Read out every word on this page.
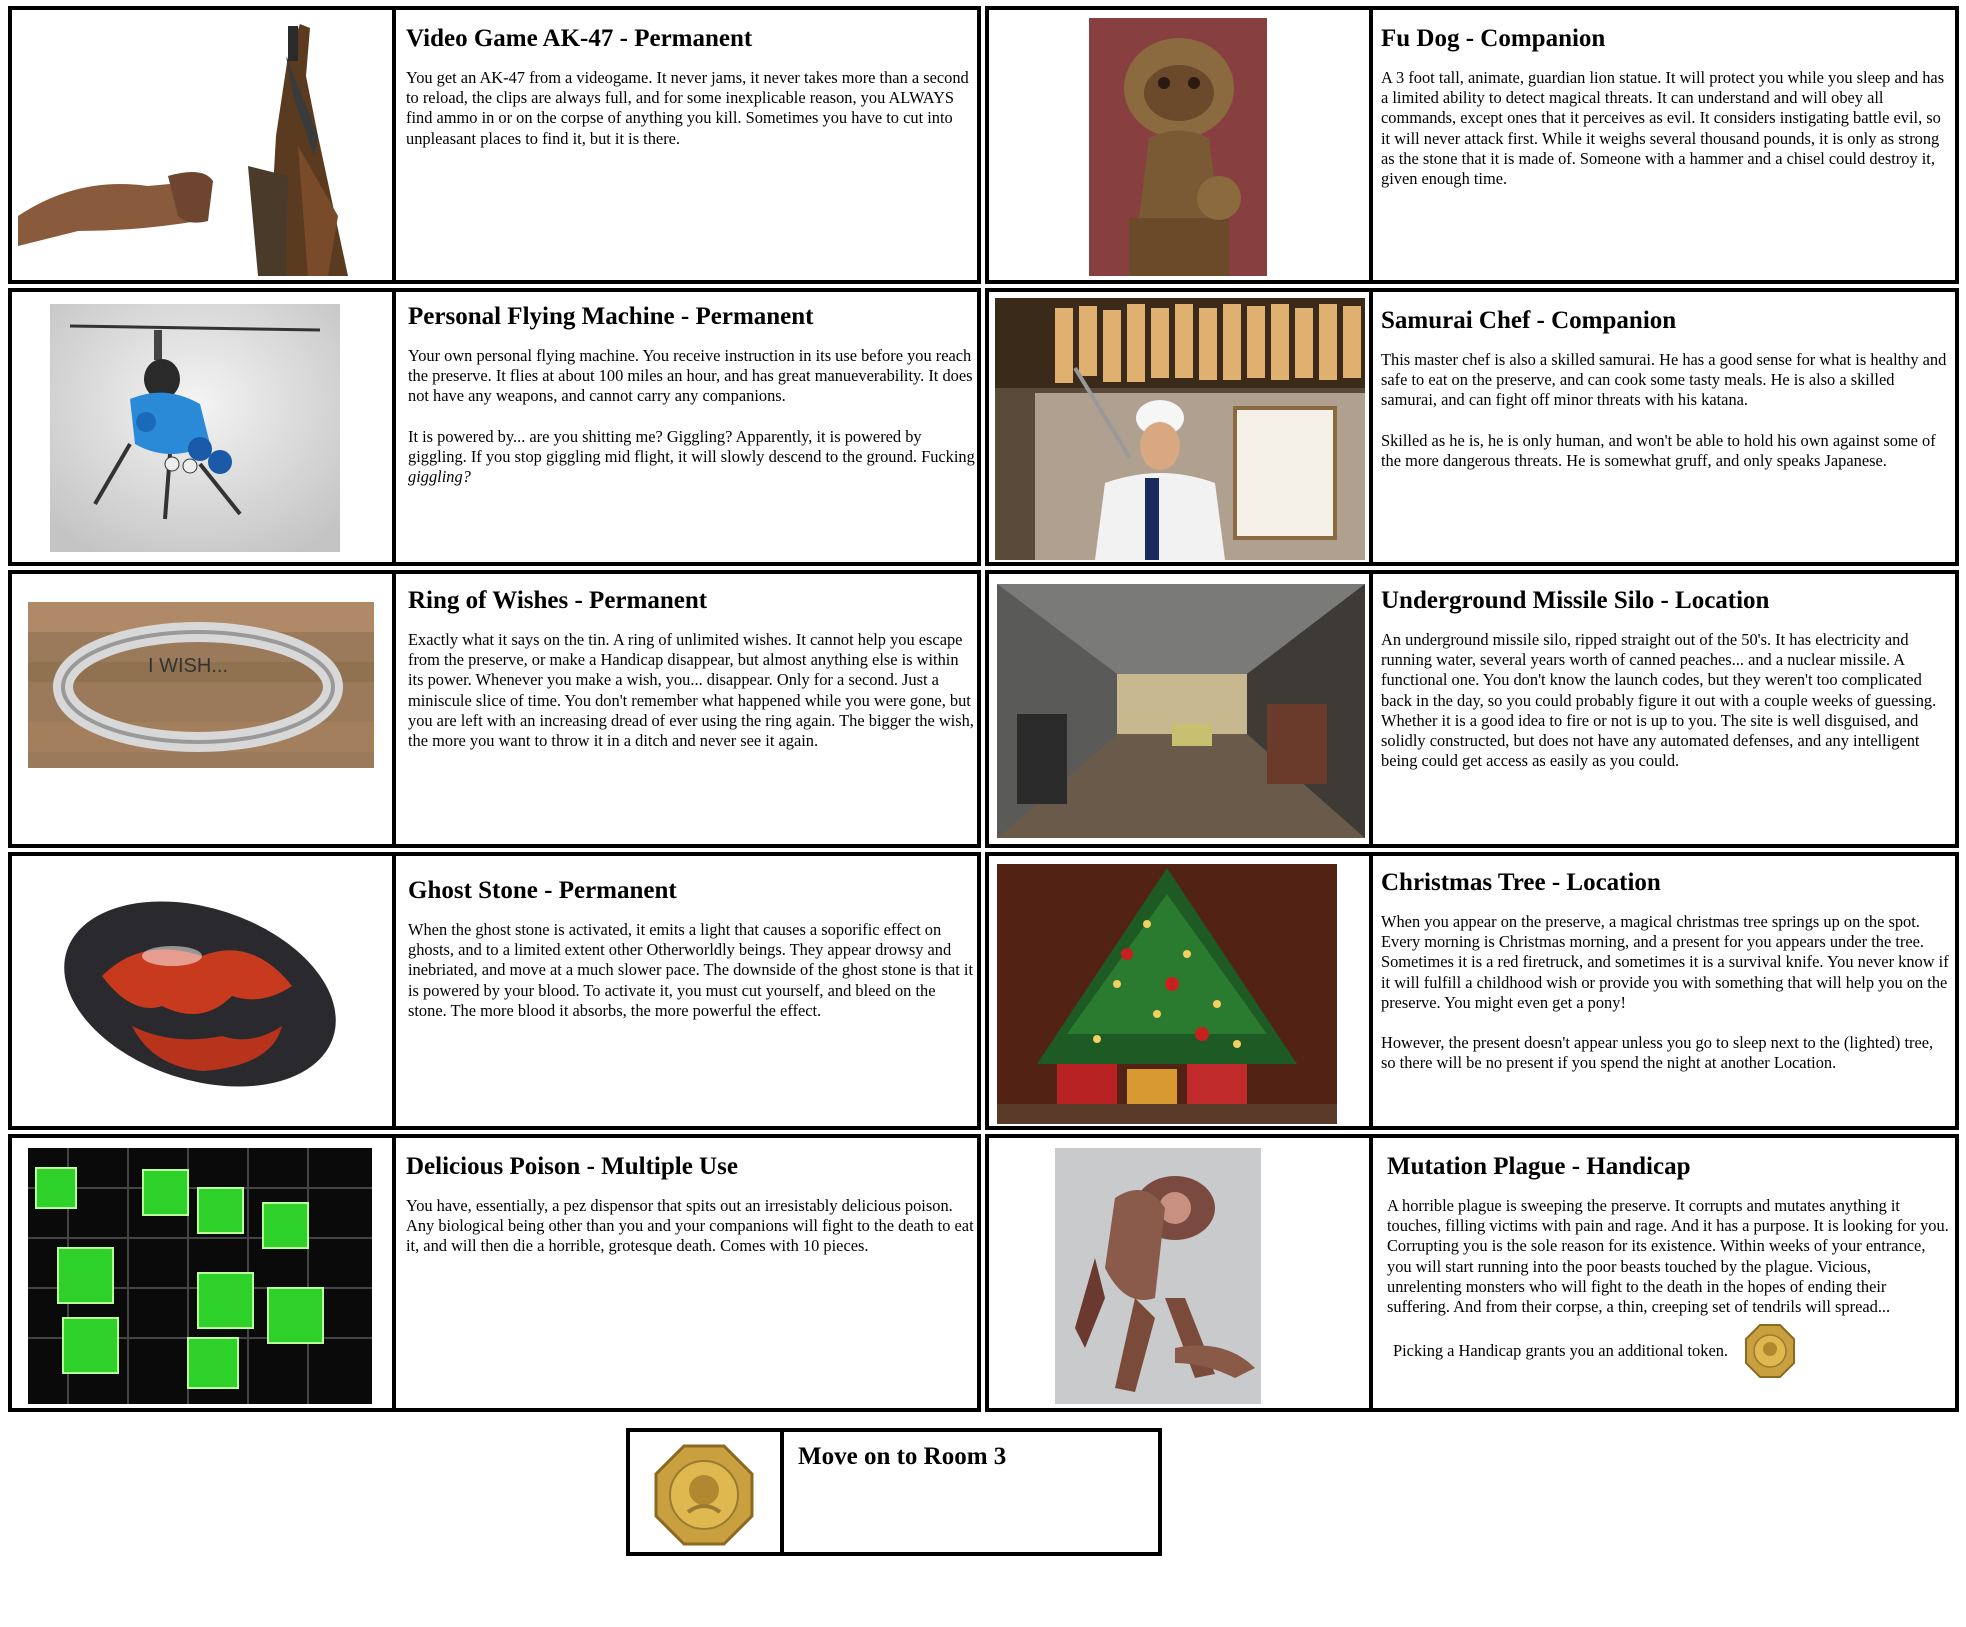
Video Game AK-47 - Permanent

You get an AK-47 from a videogame. It never jams, it never takes more than a second to reload, the clips are always full, and for some inexplicable reason, you ALWAYS find ammo in or on the corpse of anything you kill. Sometimes you have to cut into unpleasant places to find it, but it is there.

Fu Dog - Companion

A 3 foot tall, animate, guardian lion statue. It will protect you while you sleep and has a limited ability to detect magical threats. It can understand and will obey all commands, except ones that it perceives as evil. It considers instigating battle evil, so it will never attack first. While it weighs several thousand pounds, it is only as strong as the stone that it is made of. Someone with a hammer and a chisel could destroy it, given enough time.

Personal Flying Machine - Permanent

Your own personal flying machine. You receive instruction in its use before you reach the preserve. It flies at about 100 miles an hour, and has great manueverability. It does not have any weapons, and cannot carry any companions.

It is powered by... are you shitting me? Giggling? Apparently, it is powered by giggling. If you stop giggling mid flight, it will slowly descend to the ground. Fucking giggling?

Samurai Chef - Companion

This master chef is also a skilled samurai. He has a good sense for what is healthy and safe to eat on the preserve, and can cook some tasty meals. He is also a skilled samurai, and can fight off minor threats with his katana.

Skilled as he is, he is only human, and won't be able to hold his own against some of the more dangerous threats. He is somewhat gruff, and only speaks Japanese.

I WISH...
Ring of Wishes - Permanent

Exactly what it says on the tin. A ring of unlimited wishes. It cannot help you escape from the preserve, or make a Handicap disappear, but almost anything else is within its power. Whenever you make a wish, you... disappear. Only for a second. Just a miniscule slice of time. You don't remember what happened while you were gone, but you are left with an increasing dread of ever using the ring again. The bigger the wish, the more you want to throw it in a ditch and never see it again.

Underground Missile Silo - Location

An underground missile silo, ripped straight out of the 50's. It has electricity and running water, several years worth of canned peaches... and a nuclear missile. A functional one. You don't know the launch codes, but they weren't too complicated back in the day, so you could probably figure it out with a couple weeks of guessing. Whether it is a good idea to fire or not is up to you. The site is well disguised, and solidly constructed, but does not have any automated defenses, and any intelligent being could get access as easily as you could.

Ghost Stone - Permanent

When the ghost stone is activated, it emits a light that causes a soporific effect on ghosts, and to a limited extent other Otherworldly beings. They appear drowsy and inebriated, and move at a much slower pace. The downside of the ghost stone is that it is powered by your blood. To activate it, you must cut yourself, and bleed on the stone. The more blood it absorbs, the more powerful the effect.

Christmas Tree - Location

When you appear on the preserve, a magical christmas tree springs up on the spot. Every morning is Christmas morning, and a present for you appears under the tree. Sometimes it is a red firetruck, and sometimes it is a survival knife. You never know if it will fulfill a childhood wish or provide you with something that will help you on the preserve. You might even get a pony!

However, the present doesn't appear unless you go to sleep next to the (lighted) tree, so there will be no present if you spend the night at another Location.

Delicious Poison - Multiple Use

You have, essentially, a pez dispensor that spits out an irresistably delicious poison. Any biological being other than you and your companions will fight to the death to eat it, and will then die a horrible, grotesque death. Comes with 10 pieces.

Mutation Plague - Handicap

A horrible plague is sweeping the preserve. It corrupts and mutates anything it touches, filling victims with pain and rage. And it has a purpose. It is looking for you. Corrupting you is the sole reason for its existence. Within weeks of your entrance, you will start running into the poor beasts touched by the plague. Vicious, unrelenting monsters who will fight to the death in the hopes of ending their suffering. And from their corpse, a thin, creeping set of tendrils will spread...

Picking a Handicap grants you an additional token.
Move on to Room 3
